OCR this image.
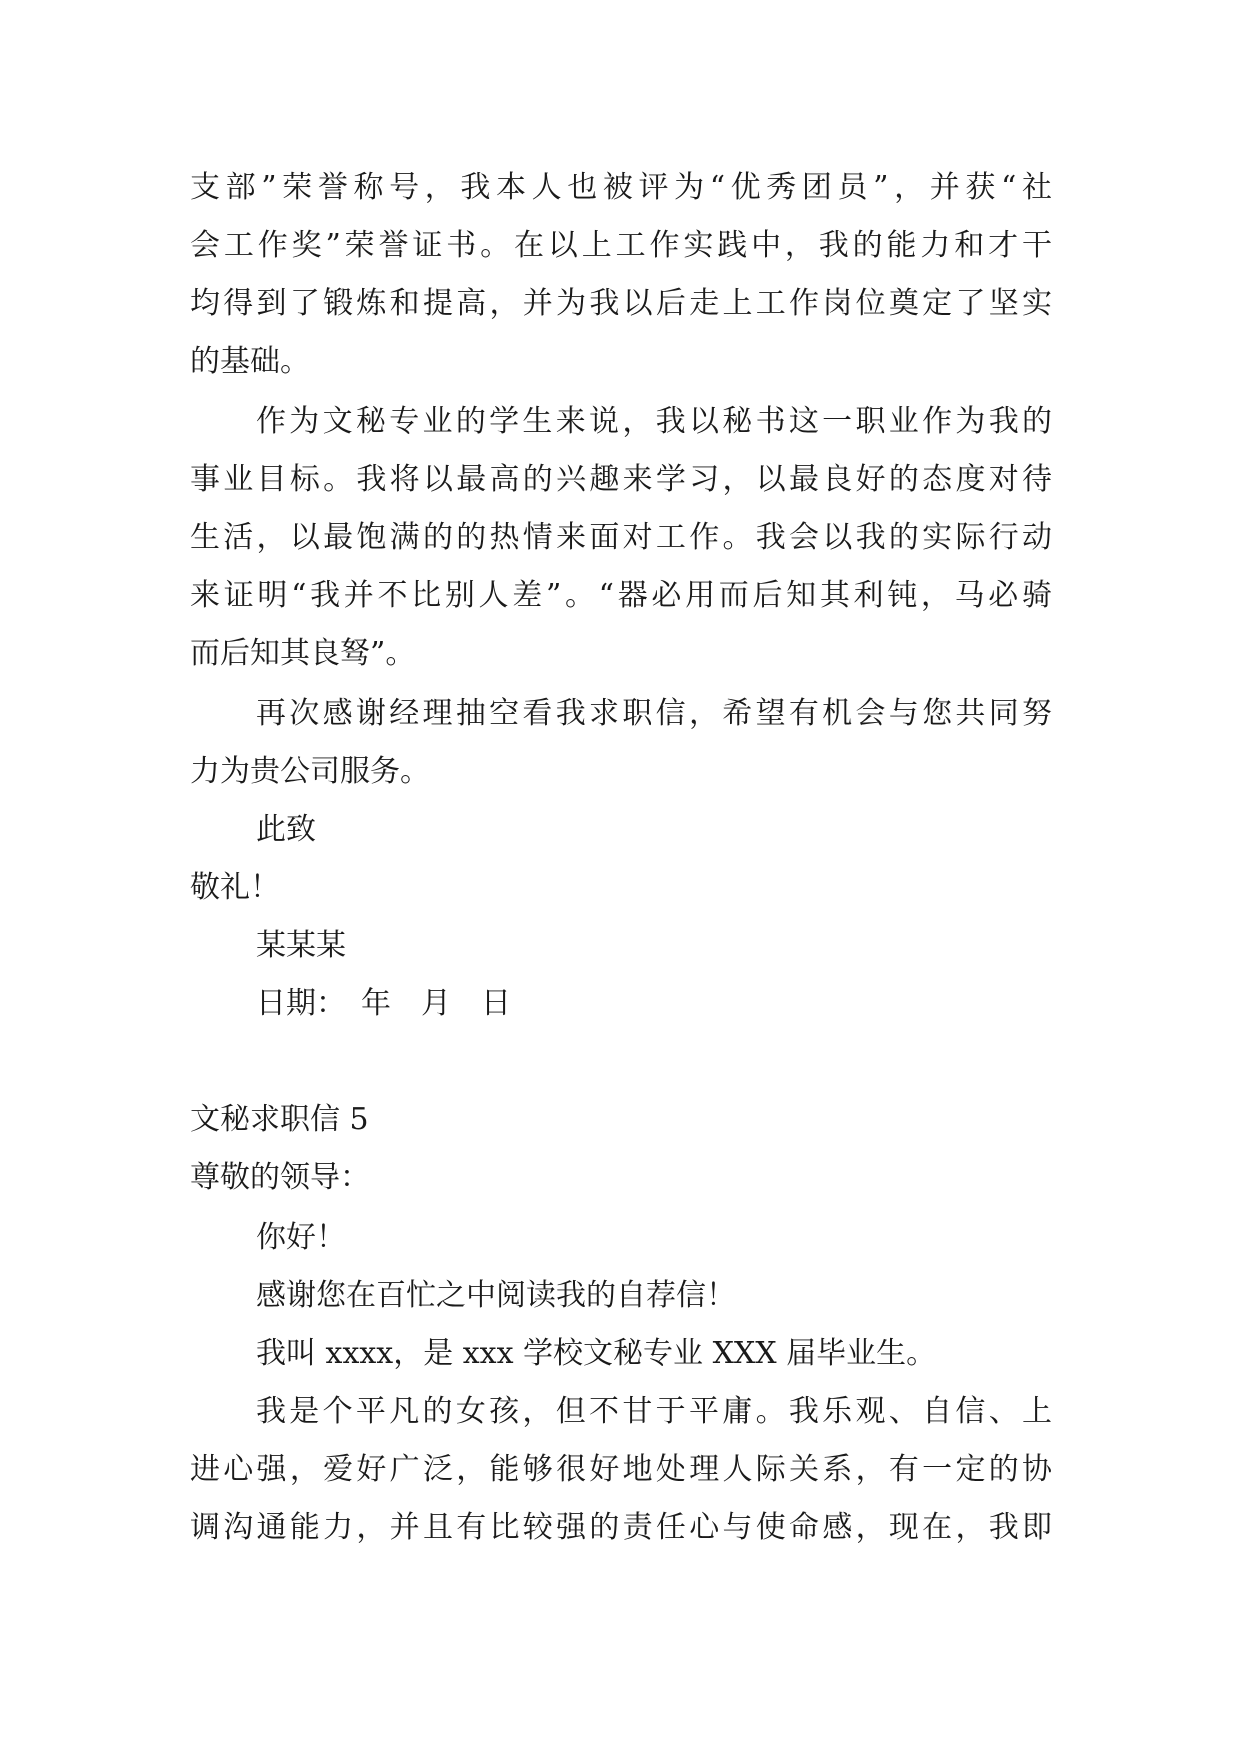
支部”荣誉称号，我本人也被评为“优秀团员”，并获“社
会工作奖”荣誉证书。在以上工作实践中，我的能力和才干
均得到了锻炼和提高，并为我以后走上工作岗位奠定了坚实
的基础。
作为文秘专业的学生来说，我以秘书这一职业作为我的
事业目标。我将以最高的兴趣来学习，以最良好的态度对待
生活，以最饱满的的热情来面对工作。我会以我的实际行动
来证明“我并不比别人差”。“器必用而后知其利钝，马必骑
而后知其良驽”。
再次感谢经理抽空看我求职信，希望有机会与您共同努
力为贵公司服务。
此致
敬礼！
某某某
日期：　年　月　日
文秘求职信 5
尊敬的领导：
你好！
感谢您在百忙之中阅读我的自荐信！
我叫 xxxx，是 xxx 学校文秘专业 XXX 届毕业生。
我是个平凡的女孩，但不甘于平庸。我乐观、自信、上
进心强，爱好广泛，能够很好地处理人际关系，有一定的协
调沟通能力，并且有比较强的责任心与使命感，现在，我即
